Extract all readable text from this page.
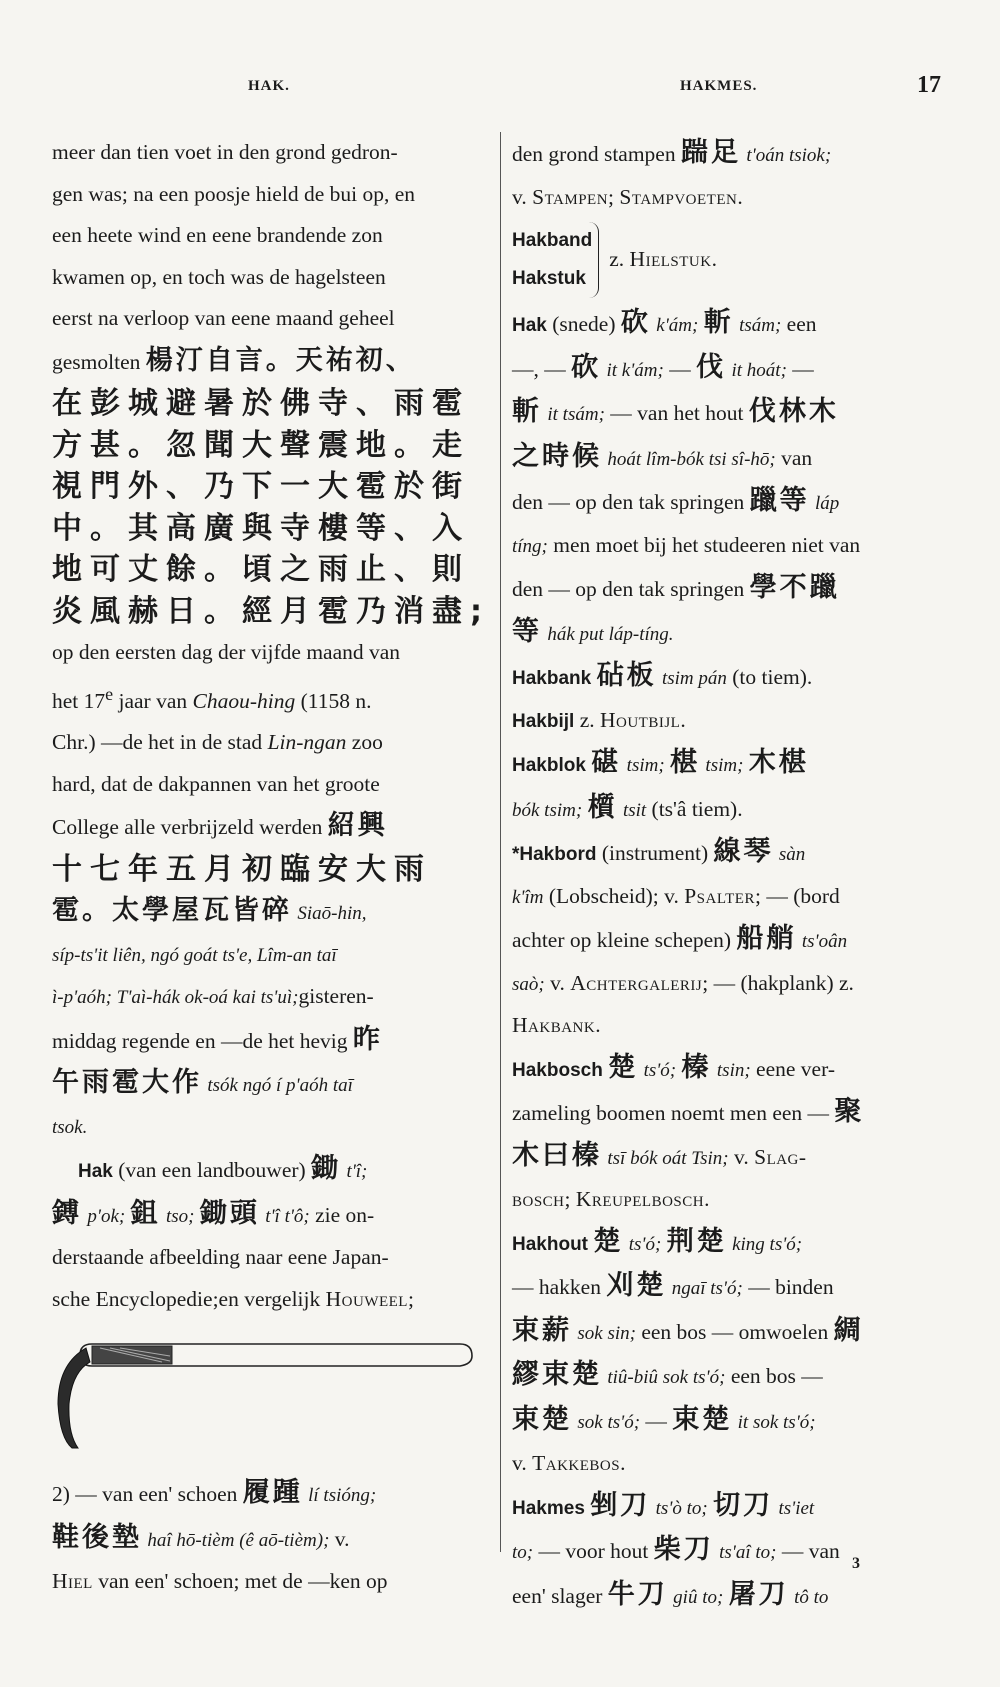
HAK.	HAKMES.	17
meer dan tien voet in den grond gedron-
gen was; na een poosje hield de bui op, en
een heete wind en eene brandende zon
kwamen op, en toch was de hagelsteen
eerst na verloop van eene maand geheel
gesmolten 楊汀自言。天祐初、
在彭城避暑於佛寺、雨雹
方甚。忽聞大聲震地。走
視門外、乃下一大雹於街
中。其高廣與寺樓等、入
地可丈餘。頃之雨止、則
炎風赫日。經月雹乃消盡;
op den eersten dag der vijfde maand van
het 17e jaar van Chaou-hing (1158 n.
Chr.) —de het in de stad Lin-ngan zoo
hard, dat de dakpannen van het groote
College alle verbrijzeld werden 紹興
十七年五月初臨安大雨
雹。太學屋瓦皆碎 Siaō-hin,
síp-ts'it liên, ngó goát ts'e, Lîm-an taī
ì-p'aóh; T'aì-hák ok-oá kai ts'uì;gisteren-
middag regende en —de het hevig 昨
午雨雹大作 tsók ngó í p'aóh taī
tsok.
Hak (van een landbouwer) 鋤 t'î;
鎛 p'ok; 鉏 tso; 鋤頭 t'î t'ô; zie on-
derstaande afbeelding naar eene Japan-
sche Encyclopedie;en vergelijk Houweel;
2) — van een' schoen 履踵 lí tsióng;
鞋後墊 haî hō-tièm (ê aō-tièm); v.
Hiel van een' schoen; met de —ken op
den grond stampen 踹足 t'oán tsiok;
v. Stampen; Stampvoeten.
Hakband
Hakstuk
z. Hielstuk.
Hak (snede) 砍 k'ám; 斬 tsám; een
—, — 砍 it k'ám; — 伐 it hoát; —
斬 it tsám; — van het hout 伐林木
之時候 hoát lîm-bók tsi sî-hō; van
den — op den tak springen 躐等 láp
tíng; men moet bij het studeeren niet van
den — op den tak springen 學不躐
等 hák put láp-tíng.
Hakbank 砧板 tsim pán (to tiem).
Hakbijl z. Houtbijl.
Hakblok 碪 tsim; 椹 tsim; 木椹
bók tsim; 櫍 tsit (ts'â tiem).
*Hakbord (instrument) 線琴 sàn
k'îm (Lobscheid); v. Psalter; — (bord
achter op kleine schepen) 船艄 ts'oân
saò; v. Achtergalerij; — (hakplank) z.
Hakbank.
Hakbosch 楚 ts'ó; 榛 tsin; eene ver-
zameling boomen noemt men een — 聚
木曰榛 tsī bók oát Tsin; v. Slag-
bosch; Kreupelbosch.
Hakhout 楚 ts'ó; 荆楚 king ts'ó;
— hakken 刈楚 ngaī ts'ó; — binden
束薪 sok sin; een bos — omwoelen 綢
繆束楚 tiû-biû sok ts'ó; een bos —
束楚 sok ts'ó; — 束楚 it sok ts'ó;
v. Takkebos.
Hakmes 剉刀 ts'ò to; 切刀 ts'iet
to; — voor hout 柴刀 ts'aî to; — van
een' slager 牛刀 giû to; 屠刀 tô to
3
